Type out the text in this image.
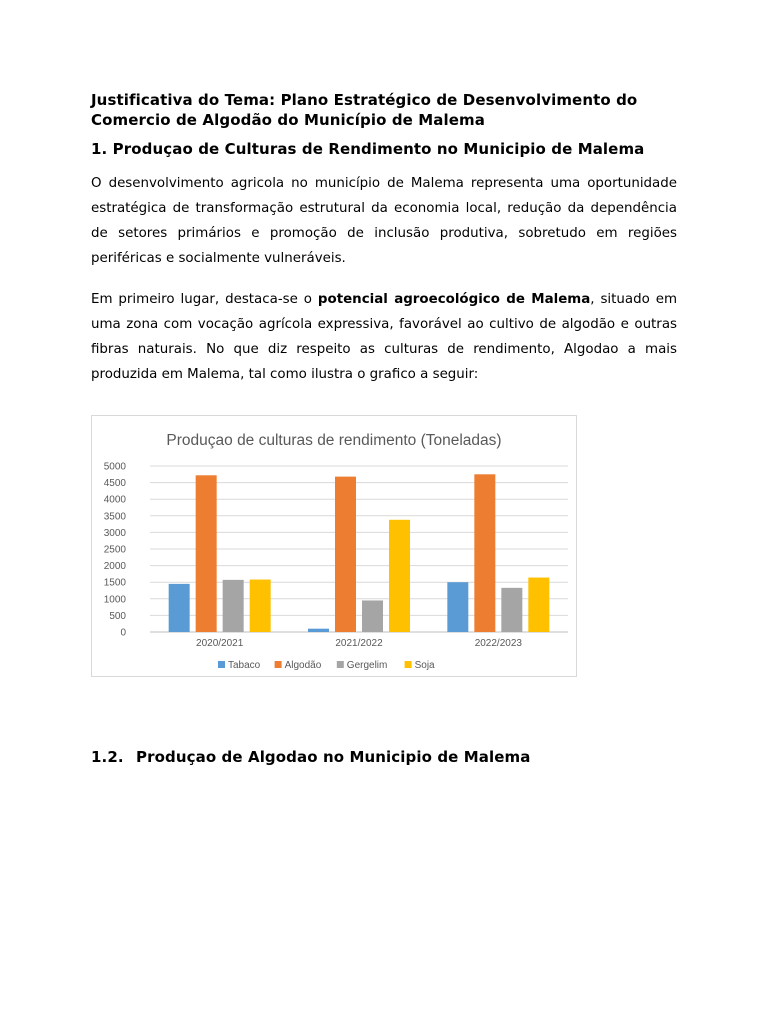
Justificativa do Tema: Plano Estratégico de Desenvolvimento do Comercio de Algodão do Município de Malema
1. Produçao de Culturas de Rendimento no Municipio de Malema

O desenvolvimento agricola no município de Malema representa uma oportunidade estratégica de transformação estrutural da economia local, redução da dependência de setores primários e promoção de inclusão produtiva, sobretudo em regiões periféricas e socialmente vulneráveis.

Em primeiro lugar, destaca-se o potencial agroecológico de Malema, situado em uma zona com vocação agrícola expressiva, favorável ao cultivo de algodão e outras fibras naturais. No que diz respeito as culturas de rendimento, Algodao a mais produzida em Malema, tal como ilustra o grafico a seguir:

Produçao de culturas de rendimento (Toneladas)
0
500
1000
1500
2000
2500
3000
3500
4000
4500
5000
2020/2021	2021/2022	2022/2023
Tabaco Algodão	Gergelim	Soja
1.2. Produçao de Algodao no Municipio de Malema
